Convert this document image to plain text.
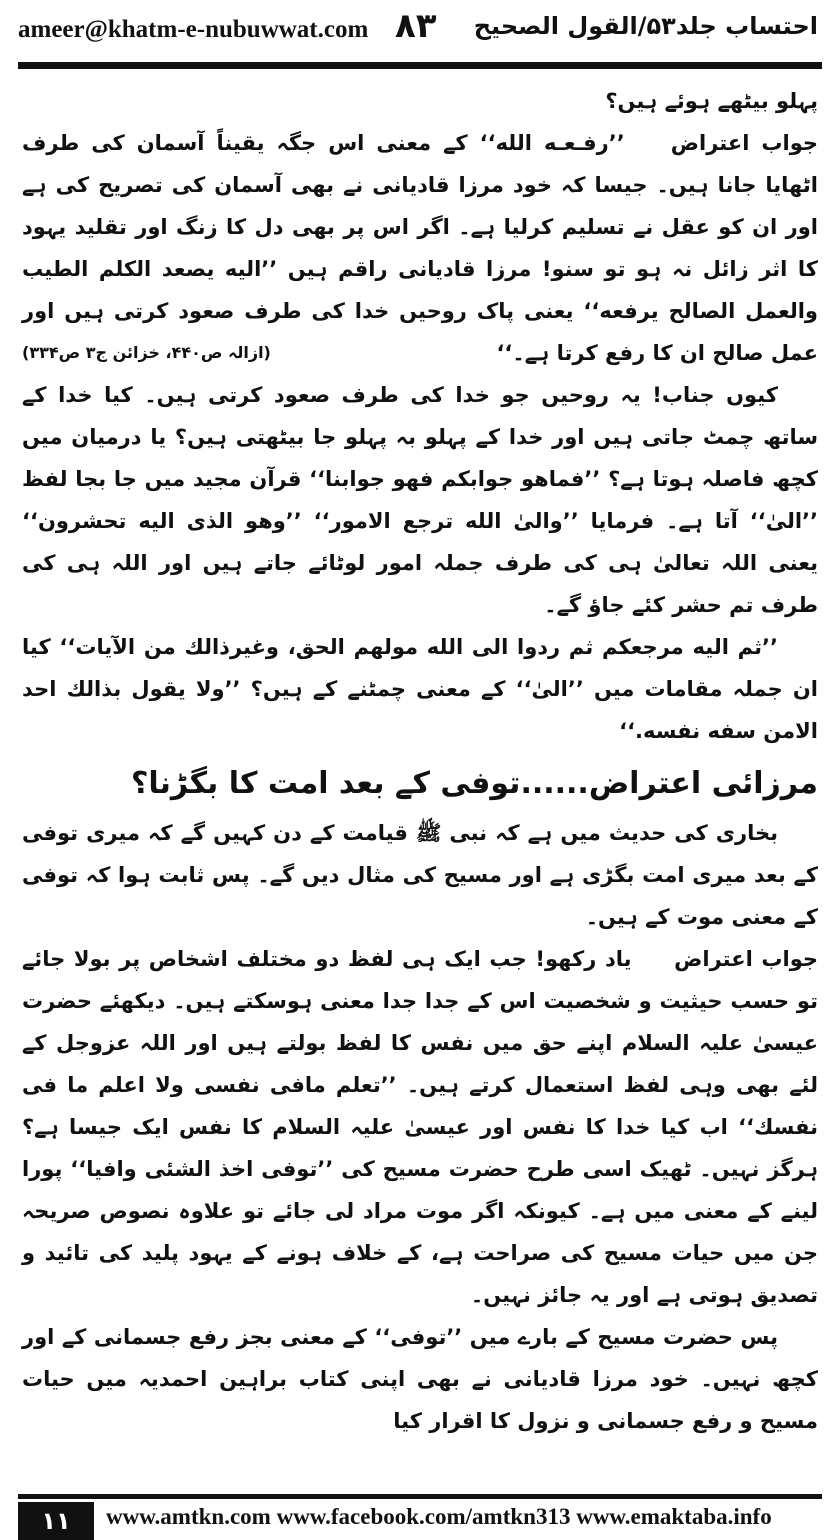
ameer@khatm-e-nubuwwat.com ۸۳ احتساب جلد۵۳/القول الصحیح

پہلو بیٹھے ہوئے ہیں؟

جواب اعتراض ’’رفـعـه الله‘‘ کے معنی اس جگہ یقیناً آسمان کی طرف اٹھایا جانا ہیں۔ جیسا کہ خود مرزا قادیانی نے بھی آسمان کی تصریح کی ہے اور ان کو عقل نے تسلیم کرلیا ہے۔ اگر اس پر بھی دل کا زنگ اور تقلید یہود کا اثر زائل نہ ہو تو سنو! مرزا قادیانی راقم ہیں ’’الیه یصعد الکلم الطیب والعمل الصالح یرفعه‘‘ یعنی پاک روحیں خدا کی طرف صعود کرتی ہیں اور عمل صالح ان کا رفع کرتا ہے۔‘‘
(ازالہ ص۴۴۰، خزائن ج۳ ص۳۳۴)

کیوں جناب! یہ روحیں جو خدا کی طرف صعود کرتی ہیں۔ کیا خدا کے ساتھ چمٹ جاتی ہیں اور خدا کے پہلو بہ پہلو جا بیٹھتی ہیں؟ یا درمیان میں کچھ فاصلہ ہوتا ہے؟ ’’فماهو جوابکم فهو جوابنا‘‘ قرآن مجید میں جا بجا لفظ ’’الیٰ‘‘ آتا ہے۔ فرمایا ’’والیٰ الله ترجع الامور‘‘ ’’وهو الذی الیه تحشرون‘‘ یعنی اللہ تعالیٰ ہی کی طرف جملہ امور لوٹائے جاتے ہیں اور اللہ ہی کی طرف تم حشر کئے جاؤ گے۔

’’ثم الیه مرجعکم ثم ردوا الی الله مولهم الحق، وغیرذالك من الآیات‘‘ کیا ان جملہ مقامات میں ’’الیٰ‘‘ کے معنی چمٹنے کے ہیں؟ ’’ولا یقول بذالك احد الامن سفه نفسه.‘‘

مرزائی اعتراض......توفی کے بعد امت کا بگڑنا؟

بخاری کی حدیث میں ہے کہ نبی ﷺ قیامت کے دن کہیں گے کہ میری توفی کے بعد میری امت بگڑی ہے اور مسیح کی مثال دیں گے۔ پس ثابت ہوا کہ توفی کے معنی موت کے ہیں۔

جواب اعتراض یاد رکھو! جب ایک ہی لفظ دو مختلف اشخاص پر بولا جائے تو حسب حیثیت و شخصیت اس کے جدا جدا معنی ہوسکتے ہیں۔ دیکھئے حضرت عیسیٰ علیہ السلام اپنے حق میں نفس کا لفظ بولتے ہیں اور اللہ عزوجل کے لئے بھی وہی لفظ استعمال کرتے ہیں۔ ’’تعلم مافی نفسی ولا اعلم ما فی نفسك‘‘ اب کیا خدا کا نفس اور عیسیٰ علیہ السلام کا نفس ایک جیسا ہے؟ ہرگز نہیں۔ ٹھیک اسی طرح حضرت مسیح کی ’’توفی اخذ الشئی وافیا‘‘ پورا لینے کے معنی میں ہے۔ کیونکہ اگر موت مراد لی جائے تو علاوہ نصوص صریحہ جن میں حیات مسیح کی صراحت ہے، کے خلاف ہونے کے یہود پلید کی تائید و تصدیق ہوتی ہے اور یہ جائز نہیں۔

پس حضرت مسیح کے بارے میں ’’توفی‘‘ کے معنی بجز رفع جسمانی کے اور کچھ نہیں۔ خود مرزا قادیانی نے بھی اپنی کتاب براہین احمدیہ میں حیات مسیح و رفع جسمانی و نزول کا اقرار کیا

۱۱	www.amtkn.com www.facebook.com/amtkn313 www.emaktaba.info
